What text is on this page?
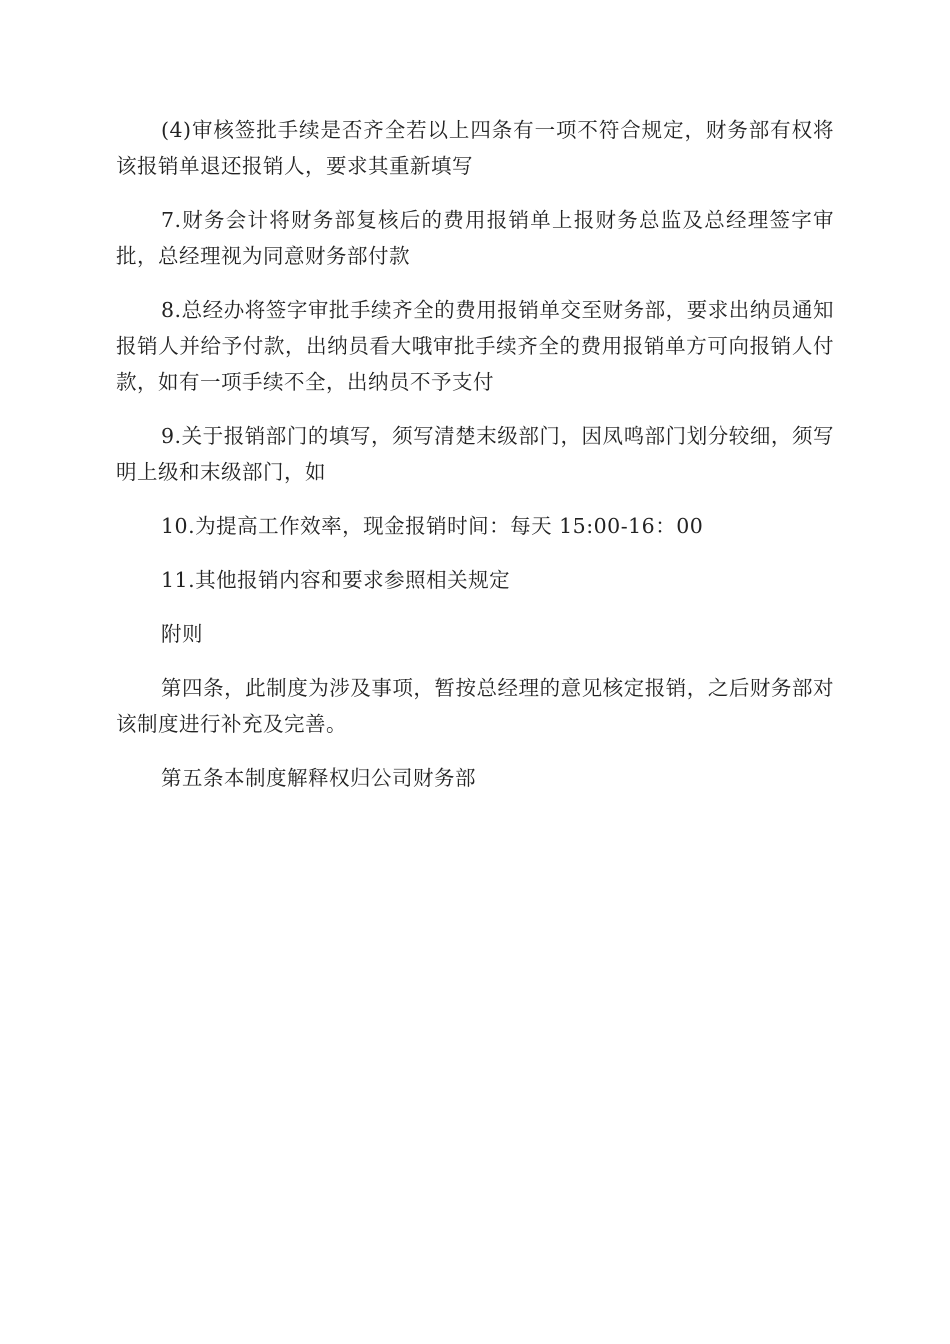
(4)审核签批手续是否齐全若以上四条有一项不符合规定，财务部有权将该报销单退还报销人，要求其重新填写

7.财务会计将财务部复核后的费用报销单上报财务总监及总经理签字审批，总经理视为同意财务部付款

8.总经办将签字审批手续齐全的费用报销单交至财务部，要求出纳员通知报销人并给予付款，出纳员看大哦审批手续齐全的费用报销单方可向报销人付款，如有一项手续不全，出纳员不予支付

9.关于报销部门的填写，须写清楚末级部门，因凤鸣部门划分较细，须写明上级和末级部门，如

10.为提高工作效率，现金报销时间：每天 15:00-16：00

11.其他报销内容和要求参照相关规定

附则

第四条，此制度为涉及事项，暂按总经理的意见核定报销，之后财务部对该制度进行补充及完善。

第五条本制度解释权归公司财务部
